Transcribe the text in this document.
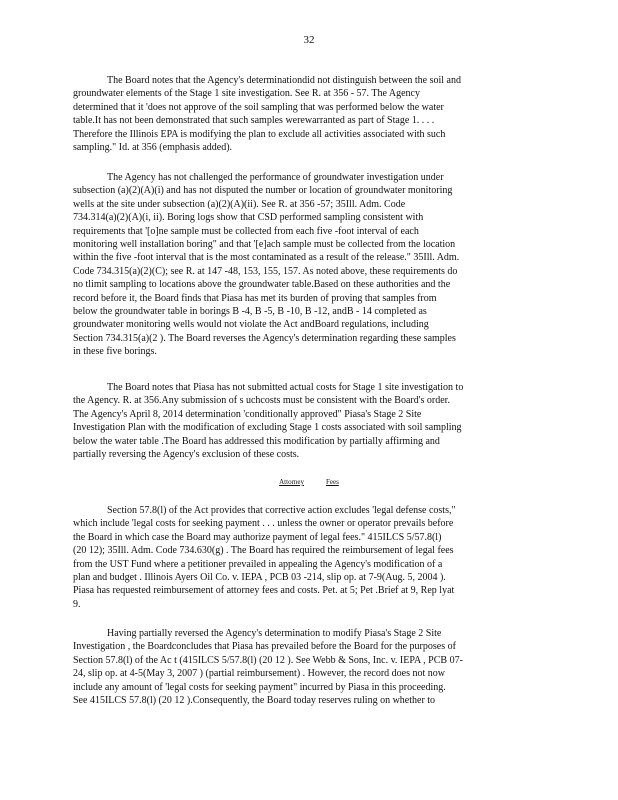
32
The Board notes that the Agency's determinationdid not distinguish between the soil and
groundwater elements of the Stage 1 site investigation. See R. at 356 - 57. The Agency
determined that it 'does not approve of the soil sampling that was performed below the water
table.It has not been demonstrated that such samples werewarranted as part of Stage 1. . . .
Therefore the Illinois EPA is modifying the plan to exclude all activities associated with such
sampling." Id. at 356 (emphasis added).
The Agency has not challenged the performance of groundwater investigation under
subsection (a)(2)(A)(i) and has not disputed the number or location of groundwater monitoring
wells at the site under subsection (a)(2)(A)(ii). See R. at 356 -57; 35Ill. Adm. Code
734.314(a)(2)(A)(i, ii). Boring logs show that CSD performed sampling consistent with
requirements that '[o]ne sample must be collected from each five -foot interval of each
monitoring well installation boring" and that '[e]ach sample must be collected from the location
within the five -foot interval that is the most contaminated as a result of the release." 35Ill. Adm.
Code 734.315(a)(2)(C); see R. at 147 -48, 153, 155, 157. As noted above, these requirements do
no tlimit sampling to locations above the groundwater table.Based on these authorities and the
record before it, the Board finds that Piasa has met its burden of proving that samples from
below the groundwater table in borings B -4, B -5, B -10, B -12, andB - 14 completed as
groundwater monitoring wells would not violate the Act andBoard regulations, including
Section 734.315(a)(2 ). The Board reverses the Agency's determination regarding these samples
in these five borings.
The Board notes that Piasa has not submitted actual costs for Stage 1 site investigation to
the Agency. R. at 356.Any submission of s uchcosts must be consistent with the Board's order.
The Agency's April 8, 2014 determination 'conditionally approved" Piasa's Stage 2 Site
Investigation Plan with the modification of excluding Stage 1 costs associated with soil sampling
below the water table .The Board has addressed this modification by partially affirming and
partially reversing the Agency's exclusion of these costs.
Attorney	Fees
Section 57.8(l) of the Act provides that corrective action excludes 'legal defense costs,"
which include 'legal costs for seeking payment . . . unless the owner or operator prevails before
the Board in which case the Board may authorize payment of legal fees." 415ILCS 5/57.8(l)
(20 12); 35Ill. Adm. Code 734.630(g) . The Board has required the reimbursement of legal fees
from the UST Fund where a petitioner prevailed in appealing the Agency's modification of a
plan and budget . Illinois Ayers Oil Co. v. IEPA , PCB 03 -214, slip op. at 7-9(Aug. 5, 2004 ).
Piasa has requested reimbursement of attorney fees and costs. Pet. at 5; Pet .Brief at 9, Rep lyat
9.
Having partially reversed the Agency's determination to modify Piasa's Stage 2 Site
Investigation , the Boardconcludes that Piasa has prevailed before the Board for the purposes of
Section 57.8(l) of the Ac t (415ILCS 5/57.8(l) (20 12 ). See Webb & Sons, Inc. v. IEPA , PCB 07-
24, slip op. at 4-5(May 3, 2007 ) (partial reimbursement) . However, the record does not now
include any amount of 'legal costs for seeking payment" incurred by Piasa in this proceeding.
See 415ILCS 57.8(l) (20 12 ).Consequently, the Board today reserves ruling on whether to
